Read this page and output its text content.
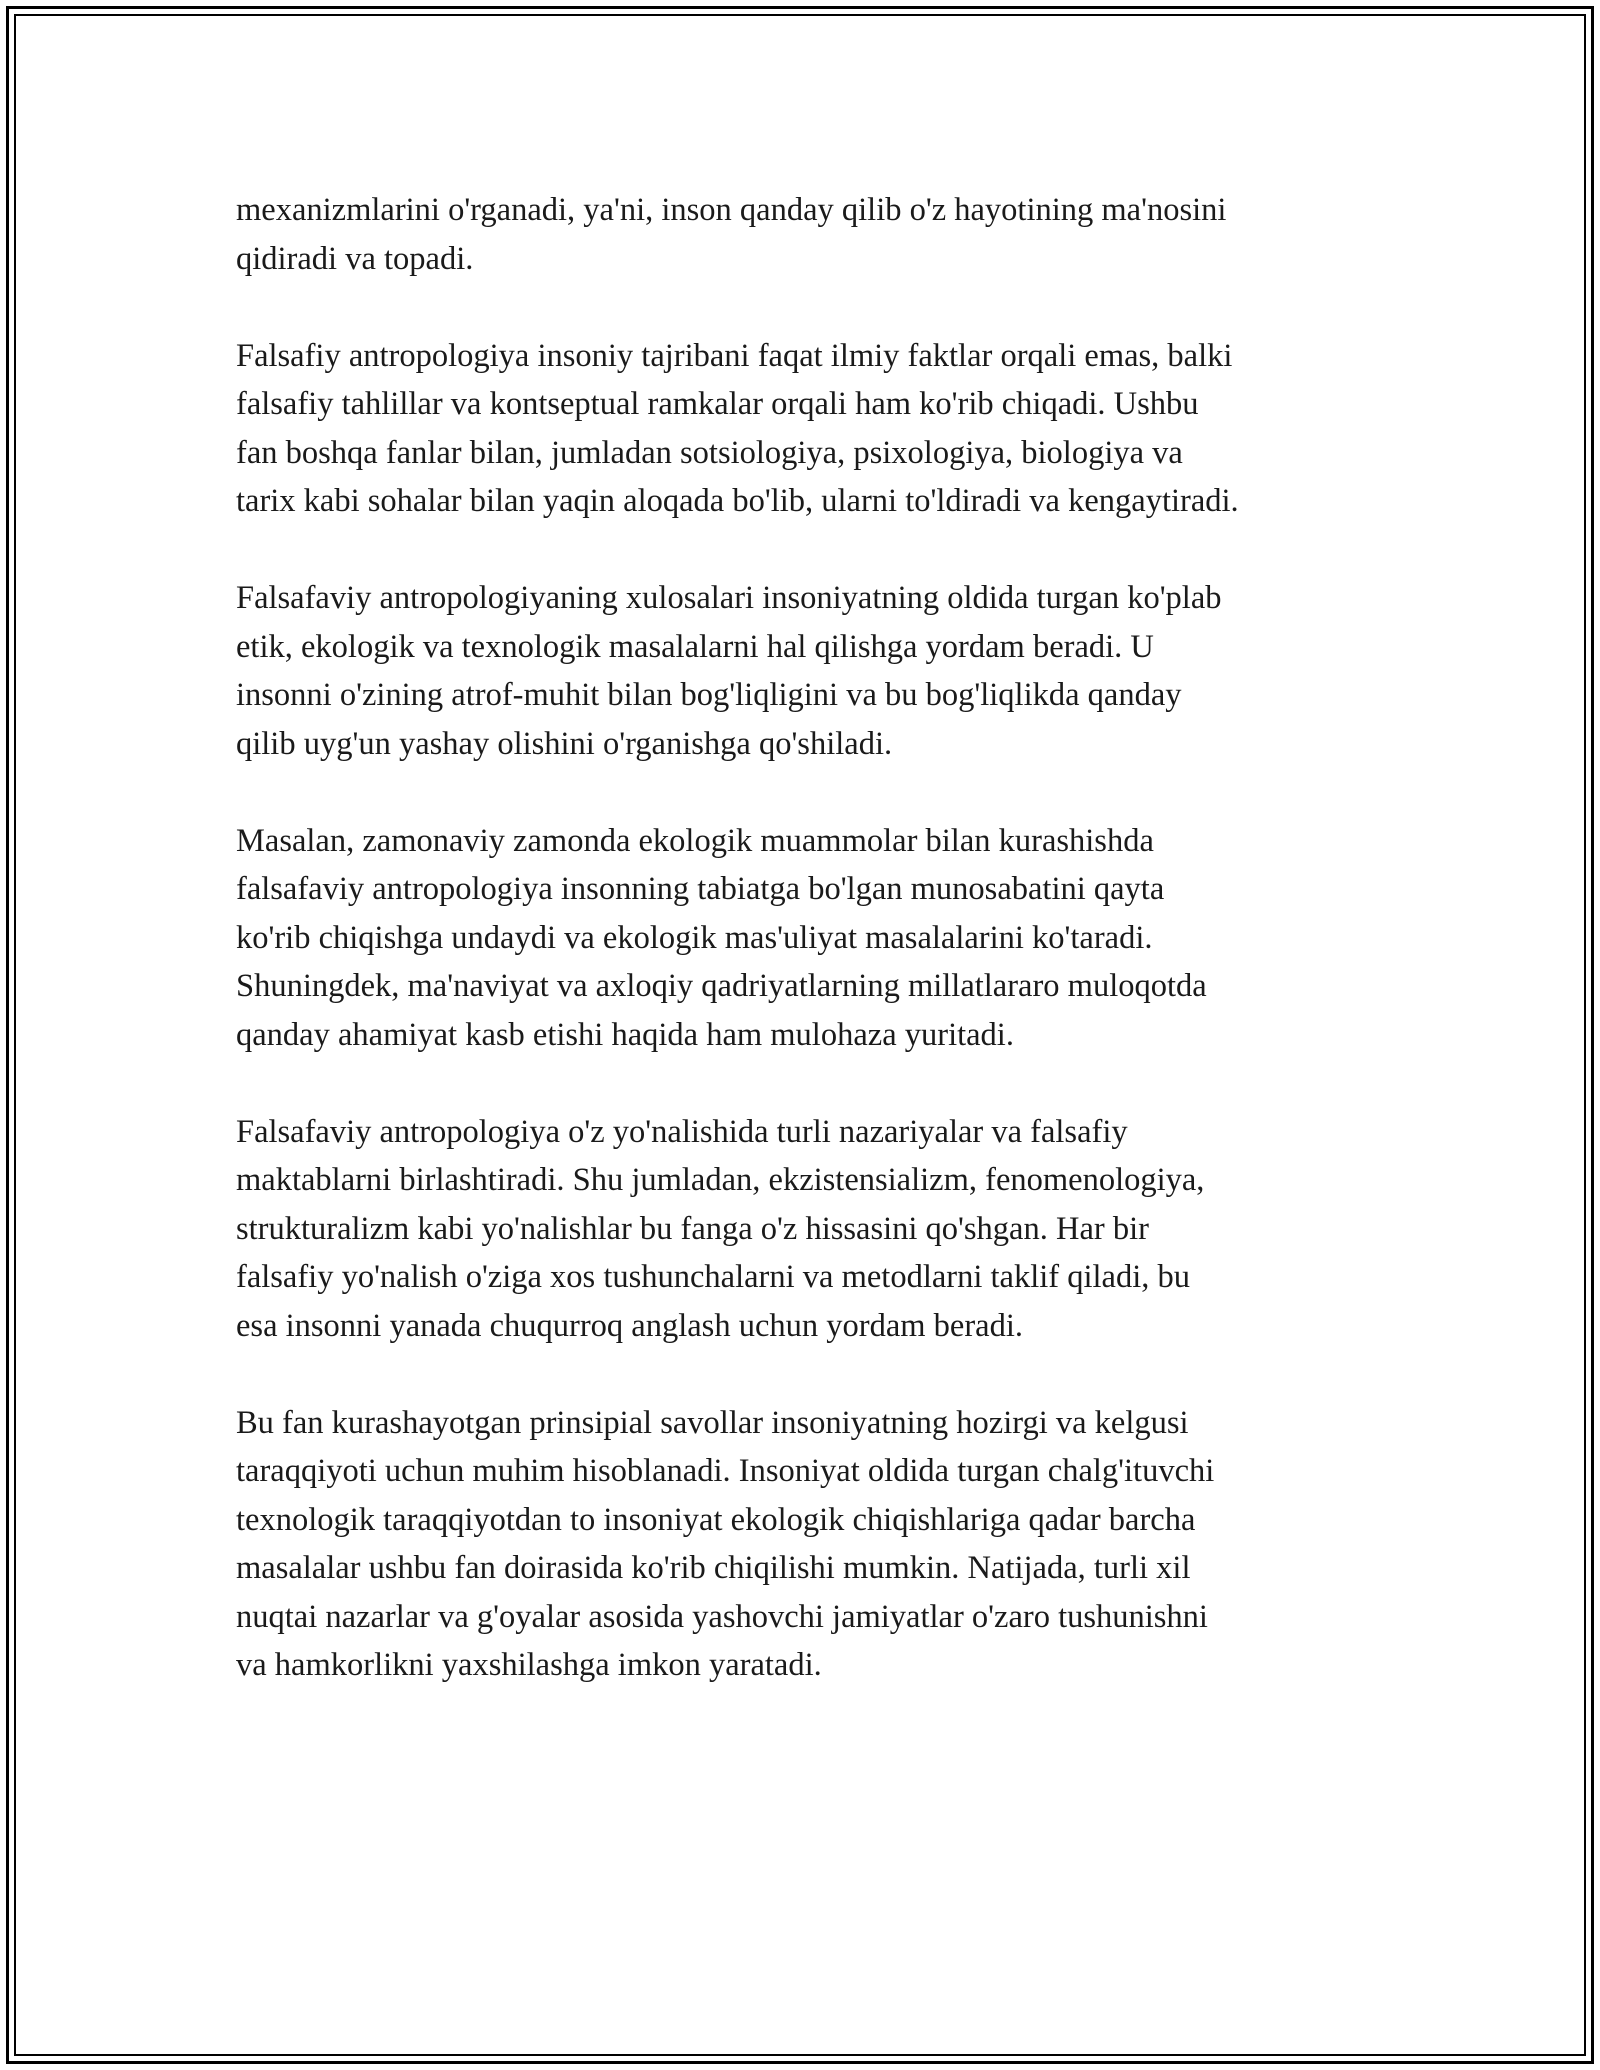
mexanizmlarini o'rganadi, ya'ni, inson qanday qilib o'z hayotining ma'nosini
qidiradi va topadi.

Falsafiy antropologiya insoniy tajribani faqat ilmiy faktlar orqali emas, balki
falsafiy tahlillar va kontseptual ramkalar orqali ham ko'rib chiqadi. Ushbu
fan boshqa fanlar bilan, jumladan sotsiologiya, psixologiya, biologiya va
tarix kabi sohalar bilan yaqin aloqada bo'lib, ularni to'ldiradi va kengaytiradi.

Falsafaviy antropologiyaning xulosalari insoniyatning oldida turgan ko'plab
etik, ekologik va texnologik masalalarni hal qilishga yordam beradi. U
insonni o'zining atrof-muhit bilan bog'liqligini va bu bog'liqlikda qanday
qilib uyg'un yashay olishini o'rganishga qo'shiladi.

Masalan, zamonaviy zamonda ekologik muammolar bilan kurashishda
falsafaviy antropologiya insonning tabiatga bo'lgan munosabatini qayta
ko'rib chiqishga undaydi va ekologik mas'uliyat masalalarini ko'taradi.
Shuningdek, ma'naviyat va axloqiy qadriyatlarning millatlararo muloqotda
qanday ahamiyat kasb etishi haqida ham mulohaza yuritadi.

Falsafaviy antropologiya o'z yo'nalishida turli nazariyalar va falsafiy
maktablarni birlashtiradi. Shu jumladan, ekzistensializm, fenomenologiya,
strukturalizm kabi yo'nalishlar bu fanga o'z hissasini qo'shgan. Har bir
falsafiy yo'nalish o'ziga xos tushunchalarni va metodlarni taklif qiladi, bu
esa insonni yanada chuqurroq anglash uchun yordam beradi.

Bu fan kurashayotgan prinsipial savollar insoniyatning hozirgi va kelgusi
taraqqiyoti uchun muhim hisoblanadi. Insoniyat oldida turgan chalg'ituvchi
texnologik taraqqiyotdan to insoniyat ekologik chiqishlariga qadar barcha
masalalar ushbu fan doirasida ko'rib chiqilishi mumkin. Natijada, turli xil
nuqtai nazarlar va g'oyalar asosida yashovchi jamiyatlar o'zaro tushunishni
va hamkorlikni yaxshilashga imkon yaratadi.
